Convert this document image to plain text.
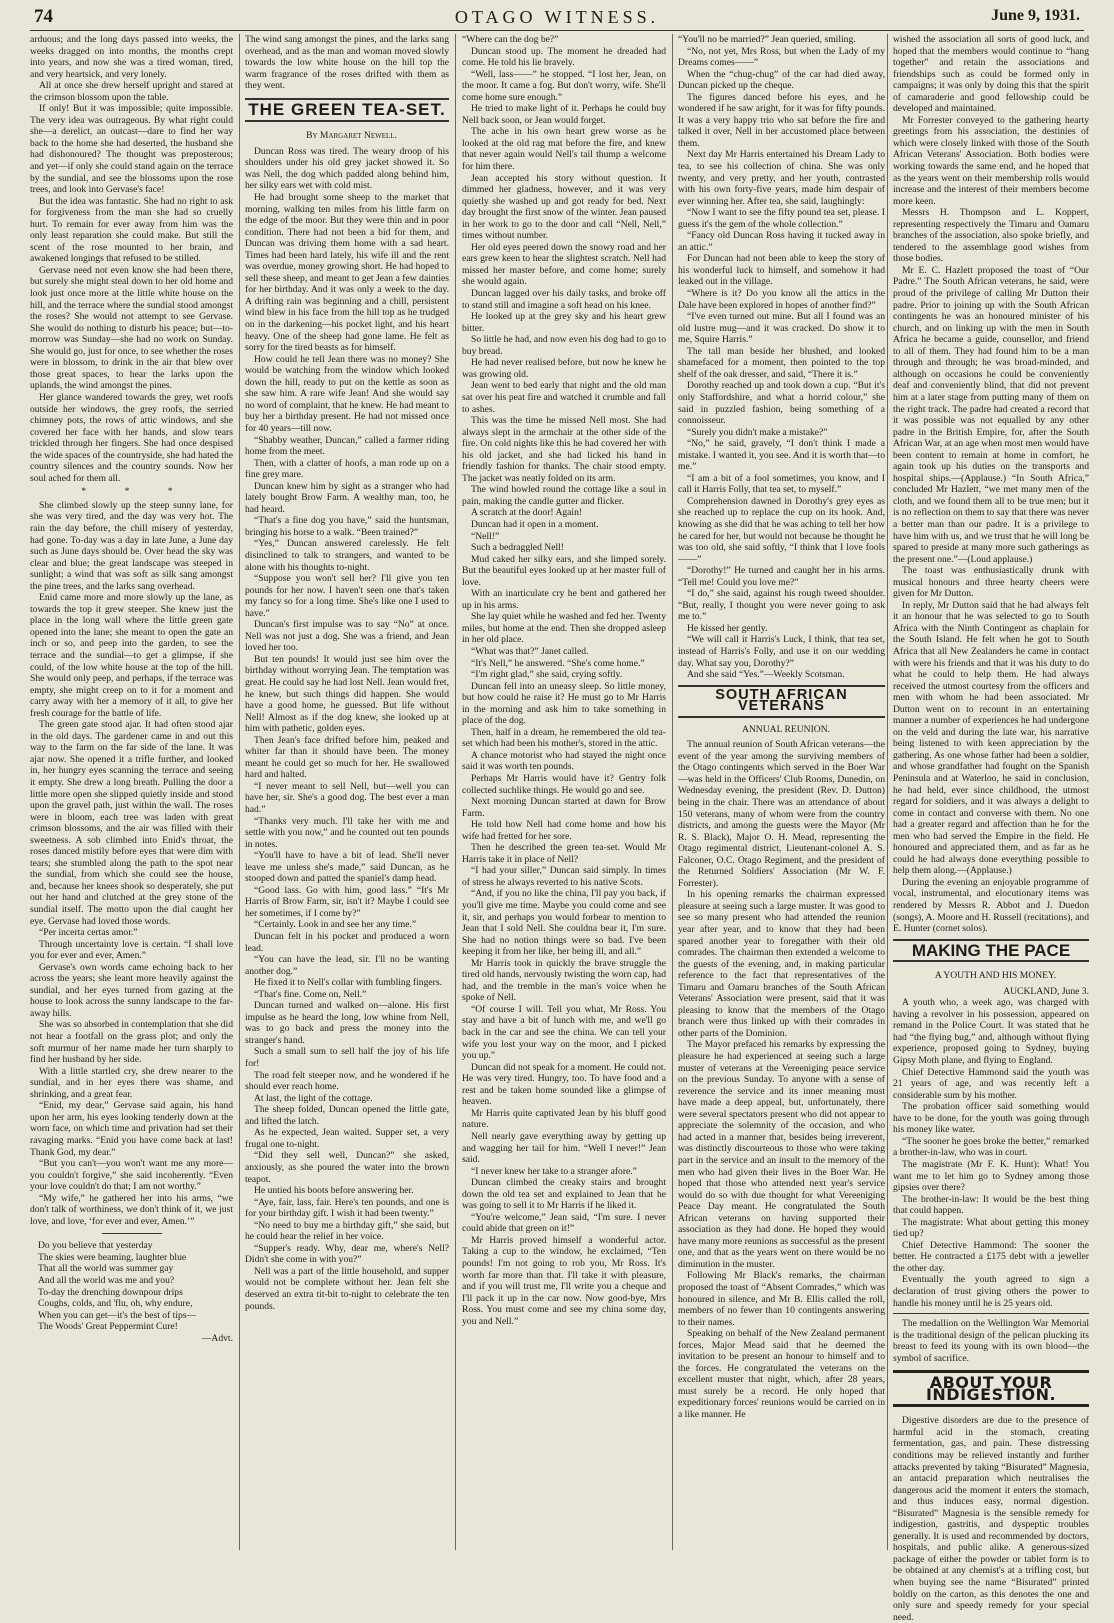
74	OTAGO WITNESS.	June 9, 1931.

arduous; and the long days passed into weeks, the weeks dragged on into months, the months crept into years, and now she was a tired woman, tired, and very heartsick, and very lonely.

All at once she drew herself upright and stared at the crimson blossom upon the table.

If only! But it was impossible; quite impossible. The very idea was outrageous. By what right could she—a derelict, an outcast—dare to find her way back to the home she had deserted, the husband she had dishonoured? The thought was preposterous; and yet—if only she could stand again on the terrace by the sundial, and see the blossoms upon the rose trees, and look into Gervase's face!

But the idea was fantastic. She had no right to ask for forgiveness from the man she had so cruelly hurt. To remain for ever away from him was the only least reparation she could make. But still the scent of the rose mounted to her brain, and awakened longings that refused to be stilled.

Gervase need not even know she had been there, but surely she might steal down to her old home and look just once more at the little white house on the hill, and the terrace where the sundial stood amongst the roses? She would not attempt to see Gervase. She would do nothing to disturb his peace; but—to-morrow was Sunday—she had no work on Sunday. She would go, just for once, to see whether the roses were in blossom, to drink in the air that blew over those great spaces, to hear the larks upon the uplands, the wind amongst the pines.

Her glance wandered towards the grey, wet roofs outside her windows, the grey roofs, the serried chimney pots, the rows of attic windows, and she covered her face with her hands, and slow tears trickled through her fingers. She had once despised the wide spaces of the countryside, she had hated the country silences and the country sounds. Now her soul ached for them all.

* * *

She climbed slowly up the steep sunny lane, for she was very tired, and the day was very hot. The rain the day before, the chill misery of yesterday, had gone. To-day was a day in late June, a June day such as June days should be. Over head the sky was clear and blue; the great landscape was steeped in sunlight; a wind that was soft as silk sang amongst the pine trees, and the larks sang overhead.

Enid came more and more slowly up the lane, as towards the top it grew steeper. She knew just the place in the long wall where the little green gate opened into the lane; she meant to open the gate an inch or so, and peep into the garden, to see the terrace and the sundial—to get a glimpse, if she could, of the low white house at the top of the hill. She would only peep, and perhaps, if the terrace was empty, she might creep on to it for a moment and carry away with her a memory of it all, to give her fresh courage for the battle of life.

The green gate stood ajar. It had often stood ajar in the old days. The gardener came in and out this way to the farm on the far side of the lane. It was ajar now. She opened it a trifle further, and looked in, her hungry eyes scanning the terrace and seeing it empty. She drew a long breath. Pulling the door a little more open she slipped quietly inside and stood upon the gravel path, just within the wall. The roses were in bloom, each tree was laden with great crimson blossoms, and the air was filled with their sweetness. A sob climbed into Enid's throat, the roses danced mistily before eyes that were dim with tears; she stumbled along the path to the spot near the sundial, from which she could see the house, and, because her knees shook so desperately, she put out her hand and clutched at the grey stone of the sundial itself. The motto upon the dial caught her eye. Gervase had loved those words.

“Per incerta certas amor.”

Through uncertainty love is certain. “I shall love you for ever and ever, Amen.”

Gervase's own words came echoing back to her across the years; she leant more heavily against the sundial, and her eyes turned from gazing at the house to look across the sunny landscape to the far-away hills.

She was so absorbed in contemplation that she did not hear a footfall on the grass plot; and only the soft murmur of her name made her turn sharply to find her husband by her side.

With a little startled cry, she drew nearer to the sundial, and in her eyes there was shame, and shrinking, and a great fear.

“Enid, my dear,” Gervase said again, his hand upon her arm, his eyes looking tenderly down at the worn face, on which time and privation had set their ravaging marks. “Enid you have come back at last! Thank God, my dear.”

“But you can't—you won't want me any more—you couldn't forgive,” she said incoherently. “Even your love couldn't do that; I am not worthy.”

“My wife,” he gathered her into his arms, “we don't talk of worthiness, we don't think of it, we just love, and love, ‘for ever and ever, Amen.’”

Do you believe that yesterday

The skies were beaming, laughter blue

That all the world was summer gay

And all the world was me and you?

To-day the drenching downpour drips

Coughs, colds, and 'flu, oh, why endure,

When you can get—it's the best of tips—

The Woods' Great Peppermint Cure!

—Advt.

The wind sang amongst the pines, and the larks sang overhead, and as the man and woman moved slowly towards the low white house on the hill top the warm fragrance of the roses drifted with them as they went.

THE GREEN TEA-SET.

By Margaret Newell.

Duncan Ross was tired. The weary droop of his shoulders under his old grey jacket showed it. So was Nell, the dog which padded along behind him, her silky ears wet with cold mist.

He had brought some sheep to the market that morning, walking ten miles from his little farm on the edge of the moor. But they were thin and in poor condition. There had not been a bid for them, and Duncan was driving them home with a sad heart. Times had been hard lately, his wife ill and the rent was overdue, money growing short. He had hoped to sell these sheep, and meant to get Jean a few dainties for her birthday. And it was only a week to the day. A drifting rain was beginning and a chill, persistent wind blew in his face from the hill top as he trudged on in the darkening—his pocket light, and his heart heavy. One of the sheep had gone lame. He felt as sorry for the tired beasts as for himself.

How could he tell Jean there was no money? She would be watching from the window which looked down the hill, ready to put on the kettle as soon as she saw him. A rare wife Jean! And she would say no word of complaint, that he knew. He had meant to buy her a birthday present. He had not missed once for 40 years—till now.

“Shabby weather, Duncan,” called a farmer riding home from the meet.

Then, with a clatter of hoofs, a man rode up on a fine grey mare.

Duncan knew him by sight as a stranger who had lately bought Brow Farm. A wealthy man, too, he had heard.

“That's a fine dog you have,” said the huntsman, bringing his horse to a walk. “Been trained?”

“Yes,” Duncan answered carelessly. He felt disinclined to talk to strangers, and wanted to be alone with his thoughts to-night.

“Suppose you won't sell her? I'll give you ten pounds for her now. I haven't seen one that's taken my fancy so for a long time. She's like one I used to have.”

Duncan's first impulse was to say “No” at once. Nell was not just a dog. She was a friend, and Jean loved her too.

But ten pounds! It would just see him over the birthday without worrying Jean. The temptation was great. He could say he had lost Nell. Jean would fret, he knew, but such things did happen. She would have a good home, he guessed. But life without Nell! Almost as if the dog knew, she looked up at him with pathetic, golden eyes.

Then Jean's face drifted before him, peaked and whiter far than it should have been. The money meant he could get so much for her. He swallowed hard and halted.

“I never meant to sell Nell, but—well you can have her, sir. She's a good dog. The best ever a man had.”

“Thanks very much. I'll take her with me and settle with you now,” and he counted out ten pounds in notes.

“You'll have to have a bit of lead. She'll never leave me unless she's made,” said Duncan, as he stooped down and patted the spaniel's damp head.

“Good lass. Go with him, good lass.” “It's Mr Harris of Brow Farm, sir, isn't it? Maybe I could see her sometimes, if I come by?”

“Certainly. Look in and see her any time.”

Duncan felt in his pocket and produced a worn lead.

“You can have the lead, sir. I'll no be wanting another dog.”

He fixed it to Nell's collar with fumbling fingers.

“That's fine. Come on, Nell.”

Duncan turned and walked on—alone. His first impulse as he heard the long, low whine from Nell, was to go back and press the money into the stranger's hand.

Such a small sum to sell half the joy of his life for!

The road felt steeper now, and he wondered if he should ever reach home.

At last, the light of the cottage.

The sheep folded, Duncan opened the little gate, and lifted the latch.

As he expected, Jean waited. Supper set, a very frugal one to-night.

“Did they sell well, Duncan?” she asked, anxiously, as she poured the water into the brown teapot.

He untied his boots before answering her.

“Aye, fair, lass, fair. Here's ten pounds, and one is for your birthday gift. I wish it had been twenty.”

“No need to buy me a birthday gift,” she said, but he could hear the relief in her voice.

“Supper's ready. Why, dear me, where's Nell? Didn't she come in with you?”

Nell was a part of the little household, and supper would not be complete without her. Jean felt she deserved an extra tit-bit to-night to celebrate the ten pounds.

“Where can the dog be?”

Duncan stood up. The moment he dreaded had come. He told his lie bravely.

“Well, lass——” he stopped. “I lost her, Jean, on the moor. It came a fog. But don't worry, wife. She'll come home sure enough.”

He tried to make light of it. Perhaps he could buy Nell back soon, or Jean would forget.

The ache in his own heart grew worse as he looked at the old rag mat before the fire, and knew that never again would Nell's tail thump a welcome for him there.

Jean accepted his story without question. It dimmed her gladness, however, and it was very quietly she washed up and got ready for bed. Next day brought the first snow of the winter. Jean paused in her work to go to the door and call “Nell, Nell,” times without number.

Her old eyes peered down the snowy road and her ears grew keen to hear the slightest scratch. Nell had missed her master before, and come home; surely she would again.

Duncan lagged over his daily tasks, and broke off to stand still and imagine a soft head on his knee.

He looked up at the grey sky and his heart grew bitter.

So little he had, and now even his dog had to go to buy bread.

He had never realised before, but now he knew he was growing old.

Jean went to bed early that night and the old man sat over his peat fire and watched it crumble and fall to ashes.

This was the time he missed Nell most. She had always slept in the armchair at the other side of the fire. On cold nights like this he had covered her with his old jacket, and she had licked his hand in friendly fashion for thanks. The chair stood empty. The jacket was neatly folded on its arm.

The wind howled round the cottage like a soul in pain, making the candle gutter and flicker.

A scratch at the door! Again!

Duncan had it open in a moment.

“Nell!”

Such a bedraggled Nell!

Mud caked her silky ears, and she limped sorely. But the beautiful eyes looked up at her master full of love.

With an inarticulate cry he bent and gathered her up in his arms.

She lay quiet while he washed and fed her. Twenty miles, but home at the end. Then she dropped asleep in her old place.

“What was that?” Janet called.

“It's Nell,” he answered. “She's come home.”

“I'm right glad,” she said, crying softly.

Duncan fell into an uneasy sleep. So little money, but how could he raise it? He must go to Mr Harris in the morning and ask him to take something in place of the dog.

Then, half in a dream, he remembered the old tea-set which had been his mother's, stored in the attic.

A chance motorist who had stayed the night once said it was worth ten pounds.

Perhaps Mr Harris would have it? Gentry folk collected suchlike things. He would go and see.

Next morning Duncan started at dawn for Brow Farm.

He told how Nell had come home and how his wife had fretted for her sore.

Then he described the green tea-set. Would Mr Harris take it in place of Nell?

“I had your siller,” Duncan said simply. In times of stress he always reverted to his native Scots.

“And, if you no like the china, I'll pay you back, if you'll give me time. Maybe you could come and see it, sir, and perhaps you would forbear to mention to Jean that I sold Nell. She couldna bear it, I'm sure. She had no notion things were so bad. I've been keeping it from her like, her being ill, and all.”

Mr Harris took in quickly the brave struggle the tired old hands, nervously twisting the worn cap, had had, and the tremble in the man's voice when he spoke of Nell.

“Of course I will. Tell you what, Mr Ross. You stay and have a bit of lunch with me, and we'll go back in the car and see the china. We can tell your wife you lost your way on the moor, and I picked you up.”

Duncan did not speak for a moment. He could not. He was very tired. Hungry, too. To have food and a rest and be taken home sounded like a glimpse of heaven.

Mr Harris quite captivated Jean by his bluff good nature.

Nell nearly gave everything away by getting up and wagging her tail for him. “Well I never!” Jean said.

“I never knew her take to a stranger afore.”

Duncan climbed the creaky stairs and brought down the old tea set and explained to Jean that he was going to sell it to Mr Harris if he liked it.

“You're welcome,” Jean said, “I'm sure. I never could abide that green on it!”

Mr Harris proved himself a wonderful actor. Taking a cup to the window, he exclaimed, “Ten pounds! I'm not going to rob you, Mr Ross. It's worth far more than that. I'll take it with pleasure, and if you will trust me, I'll write you a cheque and I'll pack it up in the car now. Now good-bye, Mrs Ross. You must come and see my china some day, you and Nell.”

“You'll no be married?” Jean queried, smiling.

“No, not yet, Mrs Ross, but when the Lady of my Dreams comes——”

When the “chug-chug” of the car had died away, Duncan picked up the cheque.

The figures danced before his eyes, and he wondered if he saw aright, for it was for fifty pounds. It was a very happy trio who sat before the fire and talked it over, Nell in her accustomed place between them.

Next day Mr Harris entertained his Dream Lady to tea, to see his collection of china. She was only twenty, and very pretty, and her youth, contrasted with his own forty-five years, made him despair of ever winning her. After tea, she said, laughingly:

“Now I want to see the fifty pound tea set, please. I guess it's the gem of the whole collection.”

“Fancy old Duncan Ross having it tucked away in an attic.”

For Duncan had not been able to keep the story of his wonderful luck to himself, and somehow it had leaked out in the village.

“Where is it? Do you know all the attics in the Dale have been explored in hopes of another find?”

“I've even turned out mine. But all I found was an old lustre mug—and it was cracked. Do show it to me, Squire Harris.”

The tall man beside her blushed, and looked shamefaced for a moment, then pointed to the top shelf of the oak dresser, and said, “There it is.”

Dorothy reached up and took down a cup. “But it's only Staffordshire, and what a horrid colour,” she said in puzzled fashion, being something of a connoisseur.

“Surely you didn't make a mistake?”

“No,” he said, gravely, “I don't think I made a mistake. I wanted it, you see. And it is worth that—to me.”

“I am a bit of a fool sometimes, you know, and I call it Harris Folly, that tea set, to myself.”

Comprehension dawned in Dorothy's grey eyes as she reached up to replace the cup on its hook. And, knowing as she did that he was aching to tell her how he cared for her, but would not because he thought he was too old, she said softly, “I think that I love fools——”

“Dorothy!” He turned and caught her in his arms. “Tell me! Could you love me?”

“I do,” she said, against his rough tweed shoulder. “But, really, I thought you were never going to ask me to.”

He kissed her gently.

“We will call it Harris's Luck, I think, that tea set, instead of Harris's Folly, and use it on our wedding day. What say you, Dorothy?”

And she said “Yes.”—Weekly Scotsman.

SOUTH AFRICAN VETERANS

ANNUAL REUNION.

The annual reunion of South African veterans—the event of the year among the surviving members of the Otago contingents which served in the Boer War—was held in the Officers' Club Rooms, Dunedin, on Wednesday evening, the president (Rev. D. Dutton) being in the chair. There was an attendance of about 150 veterans, many of whom were from the country districts, and among the guests were the Mayor (Mr R. S. Black), Major O. H. Mead, representing the Otago regimental district, Lieutenant-colonel A. S. Falconer, O.C. Otago Regiment, and the president of the Returned Soldiers' Association (Mr W. F. Forrester).

In his opening remarks the chairman expressed pleasure at seeing such a large muster. It was good to see so many present who had attended the reunion year after year, and to know that they had been spared another year to foregather with their old comrades. The chairman then extended a welcome to the guests of the evening, and, in making particular reference to the fact that representatives of the Timaru and Oamaru branches of the South African Veterans' Association were present, said that it was pleasing to know that the members of the Otago branch were thus linked up with their comrades in other parts of the Dominion.

The Mayor prefaced his remarks by expressing the pleasure he had experienced at seeing such a large muster of veterans at the Vereeniging peace service on the previous Sunday. To anyone with a sense of reverence the service and its inner meaning must have made a deep appeal, but, unfortunately, there were several spectators present who did not appear to appreciate the solemnity of the occasion, and who had acted in a manner that, besides being irreverent, was distinctly discourteous to those who were taking part in the service and an insult to the memory of the men who had given their lives in the Boer War. He hoped that those who attended next year's service would do so with due thought for what Vereeniging Peace Day meant. He congratulated the South African veterans on having supported their association as they had done. He hoped they would have many more reunions as successful as the present one, and that as the years went on there would be no diminution in the muster.

Following Mr Black's remarks, the chairman proposed the toast of “Absent Comrades,” which was honoured in silence, and Mr B. Ellis called the roll, members of no fewer than 10 contingents answering to their names.

Speaking on behalf of the New Zealand permanent forces, Major Mead said that he deemed the invitation to be present an honour to himself and to the forces. He congratulated the veterans on the excellent muster that night, which, after 28 years, must surely be a record. He only hoped that expeditionary forces' reunions would be carried on in a like manner. He

wished the association all sorts of good luck, and hoped that the members would continue to “hang together” and retain the associations and friendships such as could be formed only in campaigns; it was only by doing this that the spirit of camaraderie and good fellowship could be developed and maintained.

Mr Forrester conveyed to the gathering hearty greetings from his association, the destinies of which were closely linked with those of the South African Veterans' Association. Both bodies were working towards the same end, and he hoped that as the years went on their membership rolls would increase and the interest of their members become more keen.

Messrs H. Thompson and L. Koppert, representing respectively the Timaru and Oamaru branches of the association, also spoke briefly, and tendered to the assemblage good wishes from those bodies.

Mr E. C. Hazlett proposed the toast of “Our Padre.” The South African veterans, he said, were proud of the privilege of calling Mr Dutton their padre. Prior to joining up with the South African contingents he was an honoured minister of his church, and on linking up with the men in South Africa he became a guide, counsellor, and friend to all of them. They had found him to be a man through and through; he was broad-minded, and although on occasions he could be conveniently deaf and conveniently blind, that did not prevent him at a later stage from putting many of them on the right track. The padre had created a record that it was possible was not equalled by any other padre in the British Empire, for, after the South African War, at an age when most men would have been content to remain at home in comfort, he again took up his duties on the transports and hospital ships.—(Applause.) “In South Africa,” concluded Mr Hazlett, “we met many men of the cloth, and we found them all to be true men; but it is no reflection on them to say that there was never a better man than our padre. It is a privilege to have him with us, and we trust that he will long be spared to preside at many more such gatherings as the present one.”—(Loud applause.)

The toast was enthusiastically drunk with musical honours and three hearty cheers were given for Mr Dutton.

In reply, Mr Dutton said that he had always felt it an honour that he was selected to go to South Africa with the Ninth Contingent as chaplain for the South Island. He felt when he got to South Africa that all New Zealanders he came in contact with were his friends and that it was his duty to do what he could to help them. He had always received the utmost courtesy from the officers and men with whom he had been associated. Mr Dutton went on to recount in an entertaining manner a number of experiences he had undergone on the veld and during the late war, his narrative being listened to with keen appreciation by the gathering. As one whose father had been a soldier, and whose grandfather had fought on the Spanish Peninsula and at Waterloo, he said in conclusion, he had held, ever since childhood, the utmost regard for soldiers, and it was always a delight to come in contact and converse with them. No one had a greater regard and affection than he for the men who had served the Empire in the field. He honoured and appreciated them, and as far as he could he had always done everything possible to help them along.—(Applause.)

During the evening an enjoyable programme of vocal, instrumental, and elocutionary items was rendered by Messrs R. Abbot and J. Duedon (songs), A. Moore and H. Russell (recitations), and E. Hunter (cornet solos).

MAKING THE PACE

A YOUTH AND HIS MONEY.

AUCKLAND, June 3.

A youth who, a week ago, was charged with having a revolver in his possession, appeared on remand in the Police Court. It was stated that he had “the flying bug,” and, although without flying experience, proposed going to Sydney, buying Gipsy Moth plane, and flying to England.

Chief Detective Hammond said the youth was 21 years of age, and was recently left a considerable sum by his mother.

The probation officer said something would have to be done, for the youth was going through his money like water.

“The sooner he goes broke the better,” remarked a brother-in-law, who was in court.

The magistrate (Mr F. K. Hunt): What! You want me to let him go to Sydney among those gipsies over there?

The brother-in-law: It would be the best thing that could happen.

The magistrate: What about getting this money tied up?

Chief Detective Hammond: The sooner the better. He contracted a £175 debt with a jeweller the other day.

Eventually the youth agreed to sign a declaration of trust giving others the power to handle his money until he is 25 years old.

The medallion on the Wellington War Memorial is the traditional design of the pelican plucking its breast to feed its young with its own blood—the symbol of sacrifice.

ABOUT YOUR INDIGESTION.

Digestive disorders are due to the presence of harmful acid in the stomach, creating fermentation, gas, and pain. These distressing conditions may be relieved instantly and further attacks prevented by taking “Bisurated” Magnesia, an antacid preparation which neutralises the dangerous acid the moment it enters the stomach, and thus induces easy, normal digestion. “Bisurated” Magnesia is the sensible remedy for indigestion, gastritis, and dyspeptic troubles generally. It is used and recommended by doctors, hospitals, and public alike. A generous-sized package of either the powder or tablet form is to be obtained at any chemist's at a trifling cost, but when buying see the name “Bisurated” printed boldly on the carton, as this denotes the one and only sure and speedy remedy for your special need.
